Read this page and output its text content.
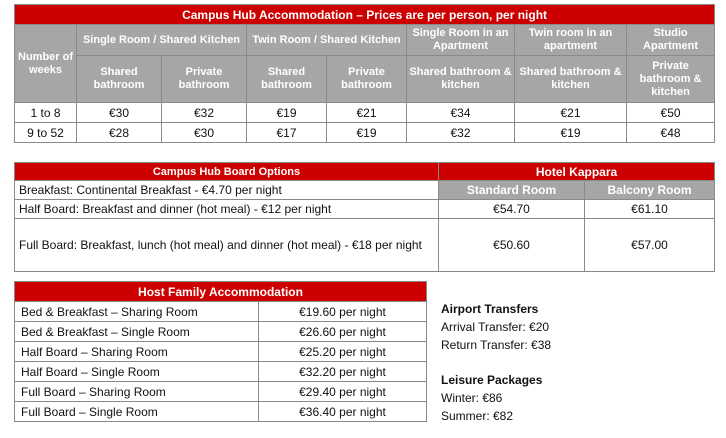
Campus Hub Accommodation – Prices are per person, per night							
Number of weeks	Single Room / Shared Kitchen		Twin Room / Shared Kitchen		Single Room in an Apartment	Twin room in an apartment	Studio Apartment
	Shared bathroom	Private bathroom	Shared bathroom	Private bathroom	Shared bathroom & kitchen	Shared bathroom & kitchen	Private bathroom & kitchen
1 to 8	€30	€32	€19	€21	€34	€21	€50
9 to 52	€28	€30	€17	€19	€32	€19	€48
Campus Hub Board Options	Hotel Kappara	
Breakfast: Continental Breakfast - €4.70 per night	Standard Room	Balcony Room
Half Board: Breakfast and dinner (hot meal) - €12 per night	€54.70	€61.10
Full Board: Breakfast, lunch (hot meal) and dinner (hot meal) - €18 per night	€50.60	€57.00
Host Family Accommodation	
Bed & Breakfast – Sharing Room	€19.60 per night
Bed & Breakfast – Single Room	€26.60 per night
Half Board – Sharing Room	€25.20 per night
Half Board – Single Room	€32.20 per night
Full Board – Sharing Room	€29.40 per night
Full Board – Single Room	€36.40 per night
Airport Transfers
Arrival Transfer: €20
Return Transfer: €38
Leisure Packages
Winter: €86
Summer: €82
